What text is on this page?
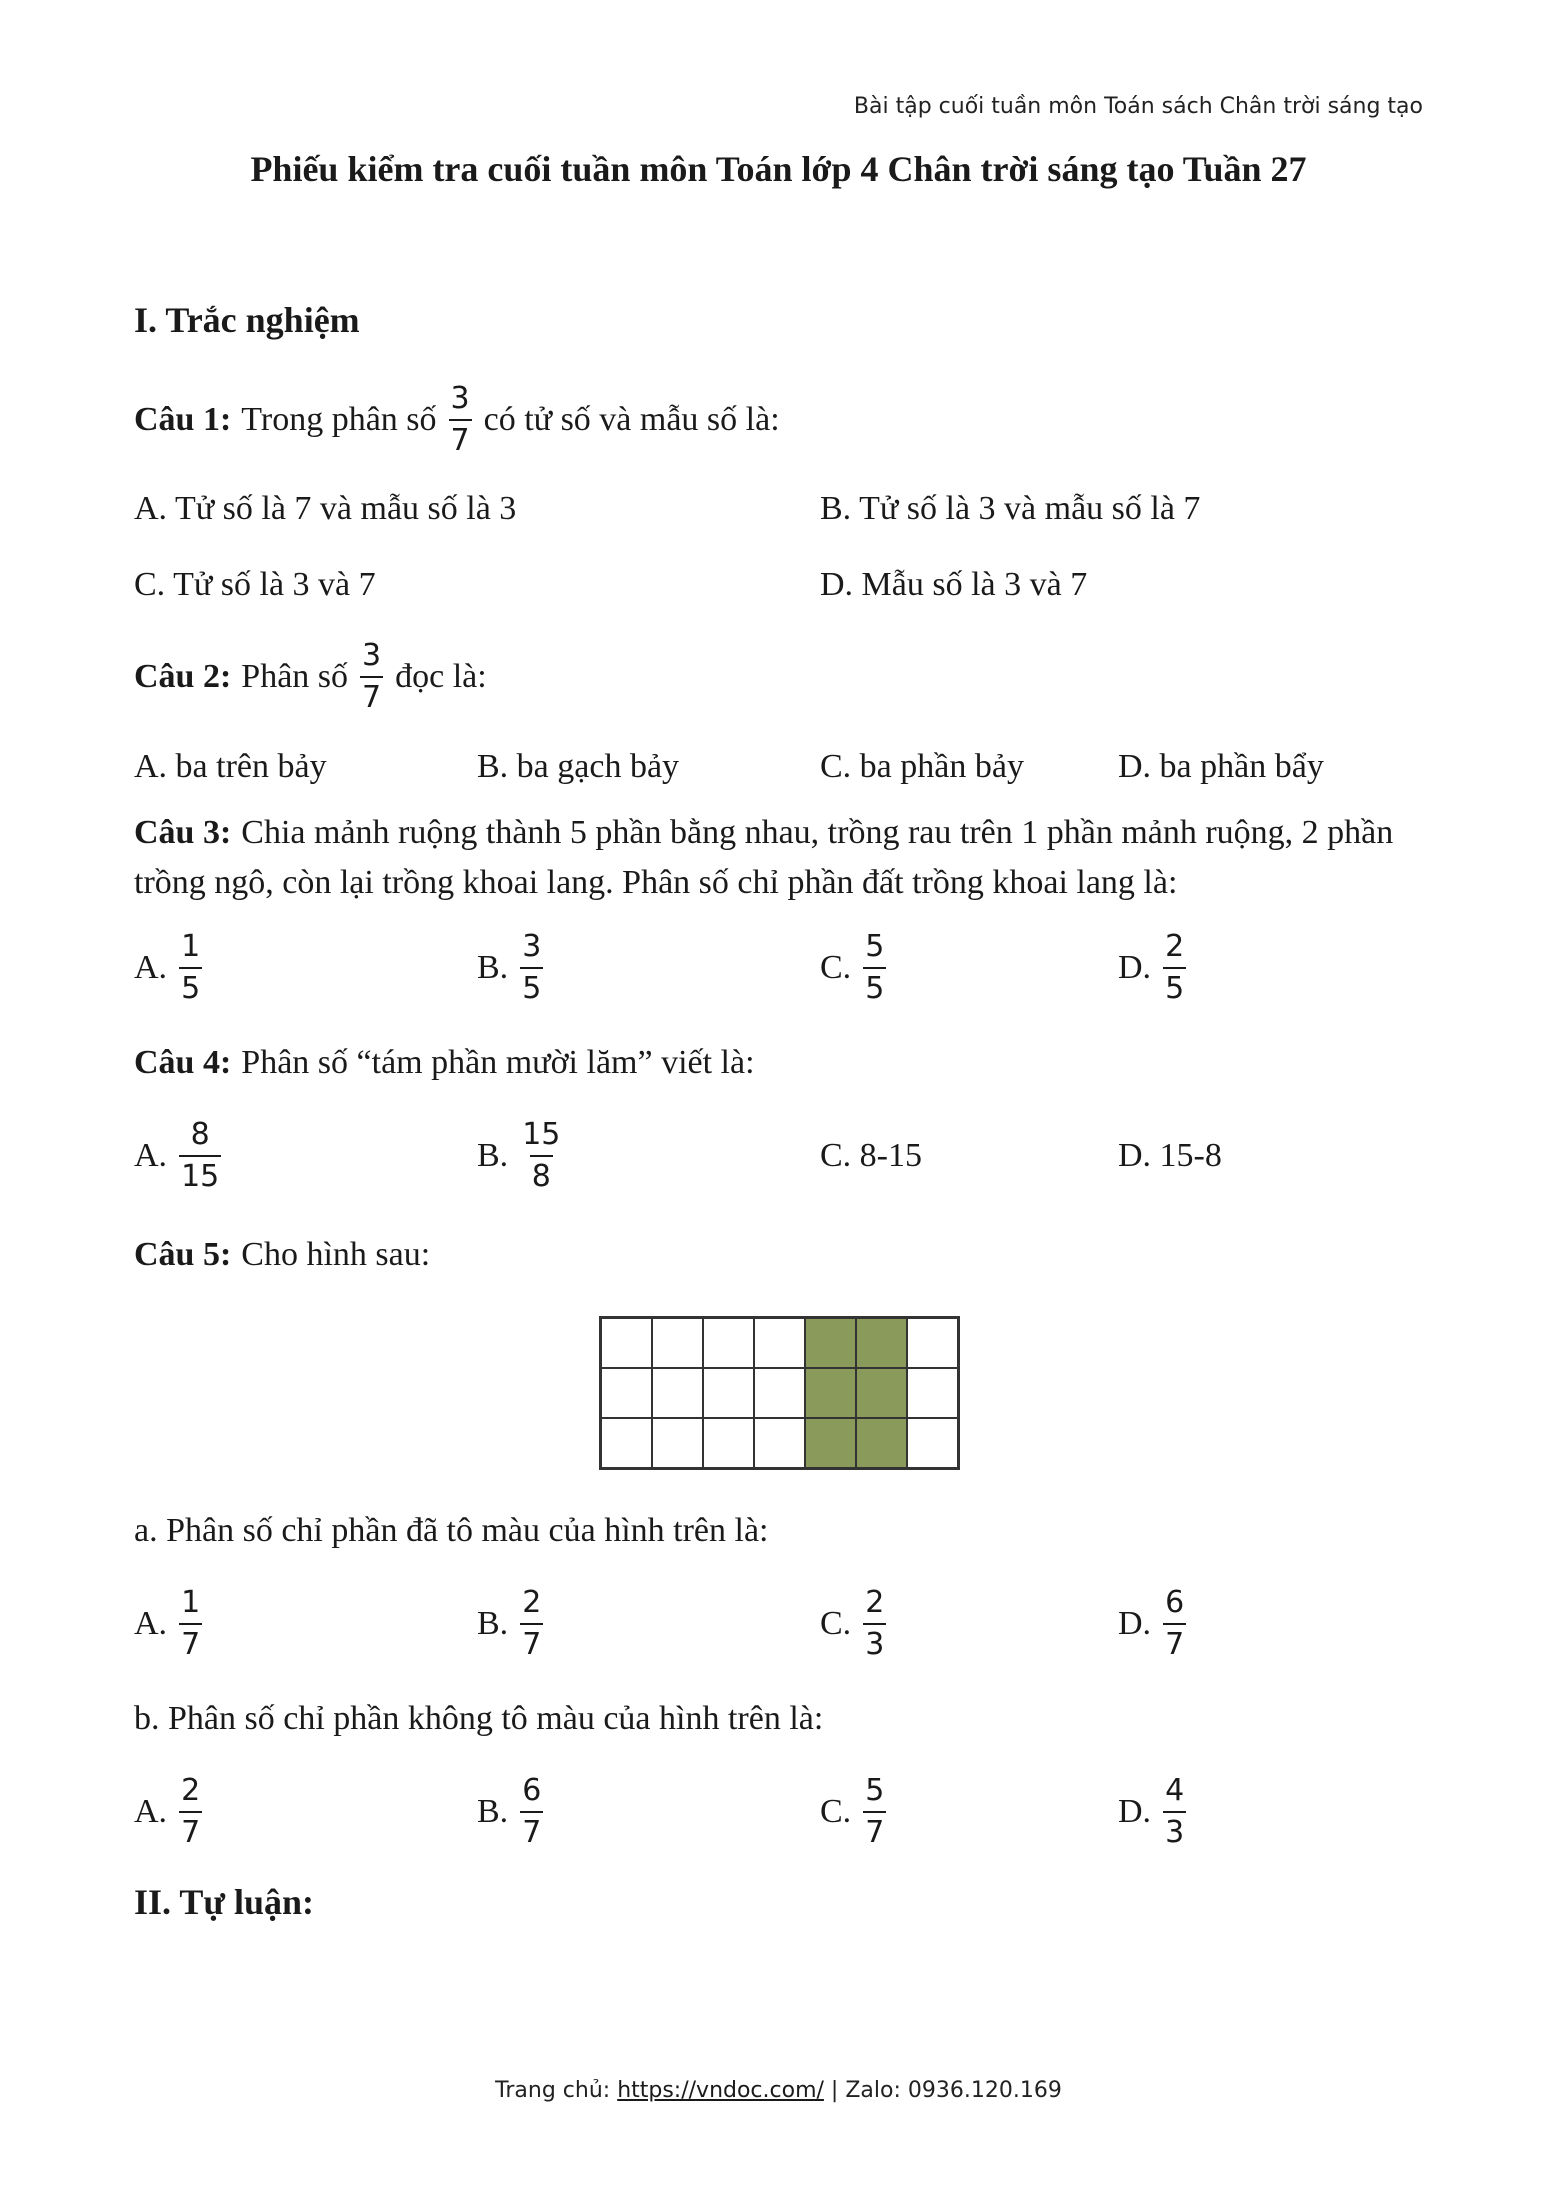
Bài tập cuối tuần môn Toán sách Chân trời sáng tạo
Phiếu kiểm tra cuối tuần môn Toán lớp 4 Chân trời sáng tạo Tuần 27
I. Trắc nghiệm
Câu 1: Trong phân số $\frac{3}{7}$ có tử số và mẫu số là:
A. Tử số là 7 và mẫu số là 3	B. Tử số là 3 và mẫu số là 7
C. Tử số là 3 và 7	D. Mẫu số là 3 và 7
Câu 2: Phân số $\frac{3}{7}$ đọc là:
A. ba trên bảy	B. ba gạch bảy	C. ba phần bảy	D. ba phần bẩy
Câu 3: Chia mảnh ruộng thành 5 phần bằng nhau, trồng rau trên 1 phần mảnh ruộng, 2 phần trồng ngô, còn lại trồng khoai lang. Phân số chỉ phần đất trồng khoai lang là:
A. $\frac{1}{5}$	B. $\frac{3}{5}$	C. $\frac{5}{5}$	D. $\frac{2}{5}$
Câu 4: Phân số “tám phần mười lăm” viết là:
A. $\frac{8}{15}$	B. $\frac{15}{8}$	C. 8-15	D. 15-8
Câu 5: Cho hình sau:
a. Phân số chỉ phần đã tô màu của hình trên là:
A. $\frac{1}{7}$	B. $\frac{2}{7}$	C. $\frac{2}{3}$	D. $\frac{6}{7}$
b. Phân số chỉ phần không tô màu của hình trên là:
A. $\frac{2}{7}$	B. $\frac{6}{7}$	C. $\frac{5}{7}$	D. $\frac{4}{3}$
II. Tự luận:
Trang chủ: https://vndoc.com/ | Zalo: 0936.120.169
